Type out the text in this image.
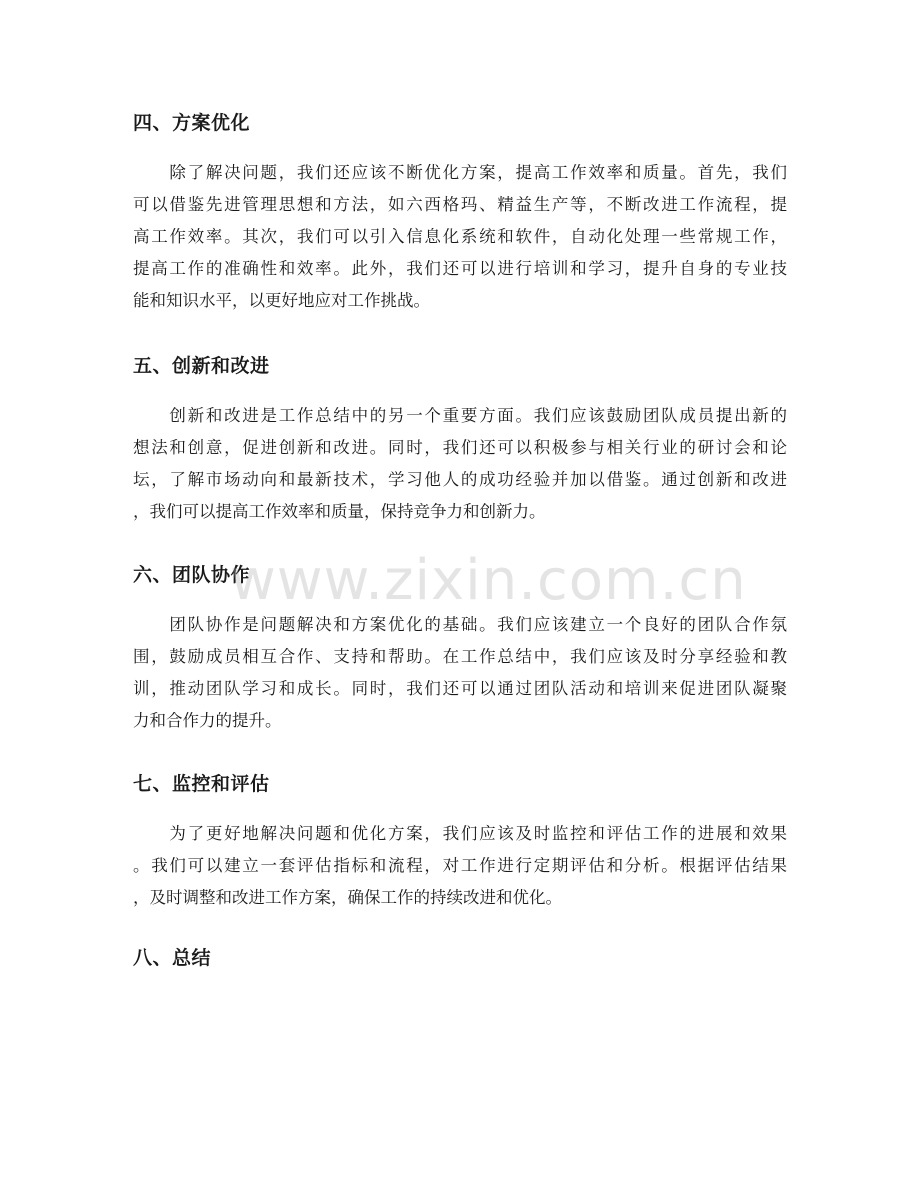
四、方案优化
　　除了解决问题，我们还应该不断优化方案，提高工作效率和质量。首先，我们
可以借鉴先进管理思想和方法，如六西格玛、精益生产等，不断改进工作流程，提
高工作效率。其次，我们可以引入信息化系统和软件，自动化处理一些常规工作，
提高工作的准确性和效率。此外，我们还可以进行培训和学习，提升自身的专业技
能和知识水平，以更好地应对工作挑战。
五、创新和改进
　　创新和改进是工作总结中的另一个重要方面。我们应该鼓励团队成员提出新的
想法和创意，促进创新和改进。同时，我们还可以积极参与相关行业的研讨会和论
坛，了解市场动向和最新技术，学习他人的成功经验并加以借鉴。通过创新和改进
，我们可以提高工作效率和质量，保持竞争力和创新力。
六、团队协作
　　团队协作是问题解决和方案优化的基础。我们应该建立一个良好的团队合作氛
围，鼓励成员相互合作、支持和帮助。在工作总结中，我们应该及时分享经验和教
训，推动团队学习和成长。同时，我们还可以通过团队活动和培训来促进团队凝聚
力和合作力的提升。
七、监控和评估
　　为了更好地解决问题和优化方案，我们应该及时监控和评估工作的进展和效果
。我们可以建立一套评估指标和流程，对工作进行定期评估和分析。根据评估结果
，及时调整和改进工作方案，确保工作的持续改进和优化。
八、总结
www.zixin.com.cn
